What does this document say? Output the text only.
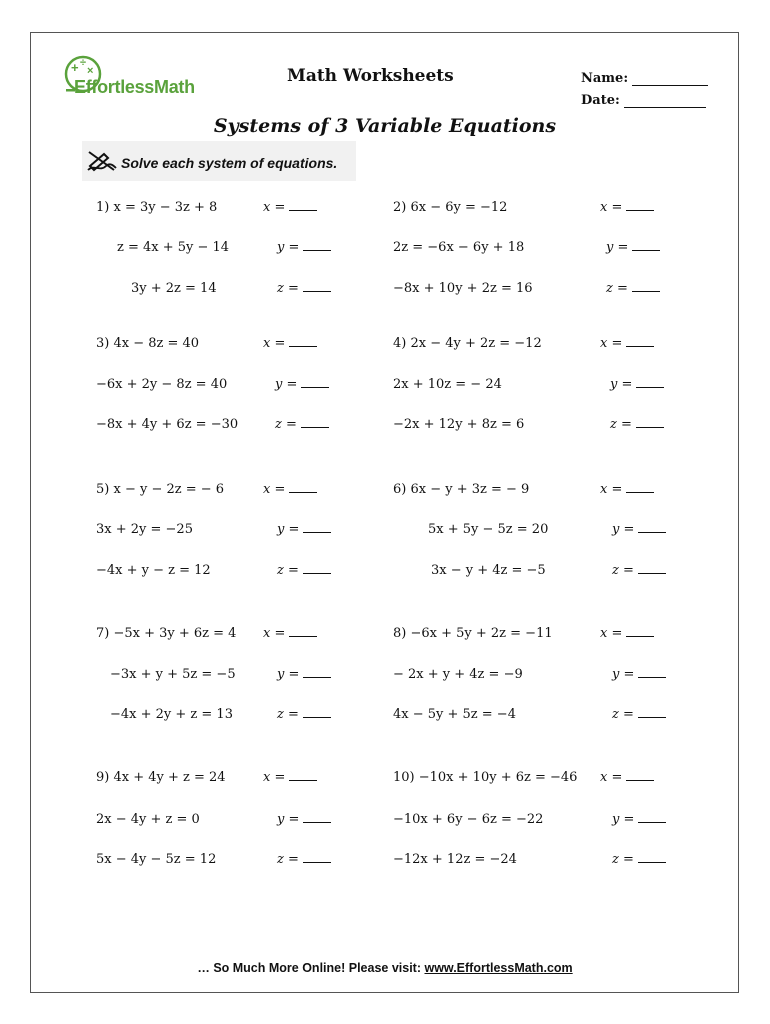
+ ÷
×
EffortlessMath
Math Worksheets	Name:
Date:
Systems of 3 Variable Equations
Solve each system of equations.
1) x = 3y − 3z + 8	x =
z = 4x + 5y − 14	y =
3y + 2z = 14	z =
2) 6x − 6y = −12	x =
2z = −6x − 6y + 18	y =
−8x + 10y + 2z = 16	z =
3) 4x − 8z = 40	x =
−6x + 2y − 8z = 40	y =
−8x + 4y + 6z = −30	z =
4) 2x − 4y + 2z = −12	x =
2x + 10z = − 24	y =
−2x + 12y + 8z = 6	z =
5) x − y − 2z = − 6	x =
3x + 2y = −25	y =
−4x + y − z = 12	z =
6) 6x − y + 3z = − 9	x =
5x + 5y − 5z = 20	y =
3x − y + 4z = −5	z =
7) −5x + 3y + 6z = 4 x =
−3x + y + 5z = −5	y =
−4x + 2y + z = 13	z =
8) −6x + 5y + 2z = −11	x =
− 2x + y + 4z = −9	y =
4x − 5y + 5z = −4	z =
9) 4x + 4y + z = 24	x =
2x − 4y + z = 0	y =
5x − 4y − 5z = 12	z =
10) −10x + 10y + 6z = −46 x =
−10x + 6y − 6z = −22	y =
−12x + 12z = −24	z =
… So Much More Online! Please visit: www.EffortlessMath.com
